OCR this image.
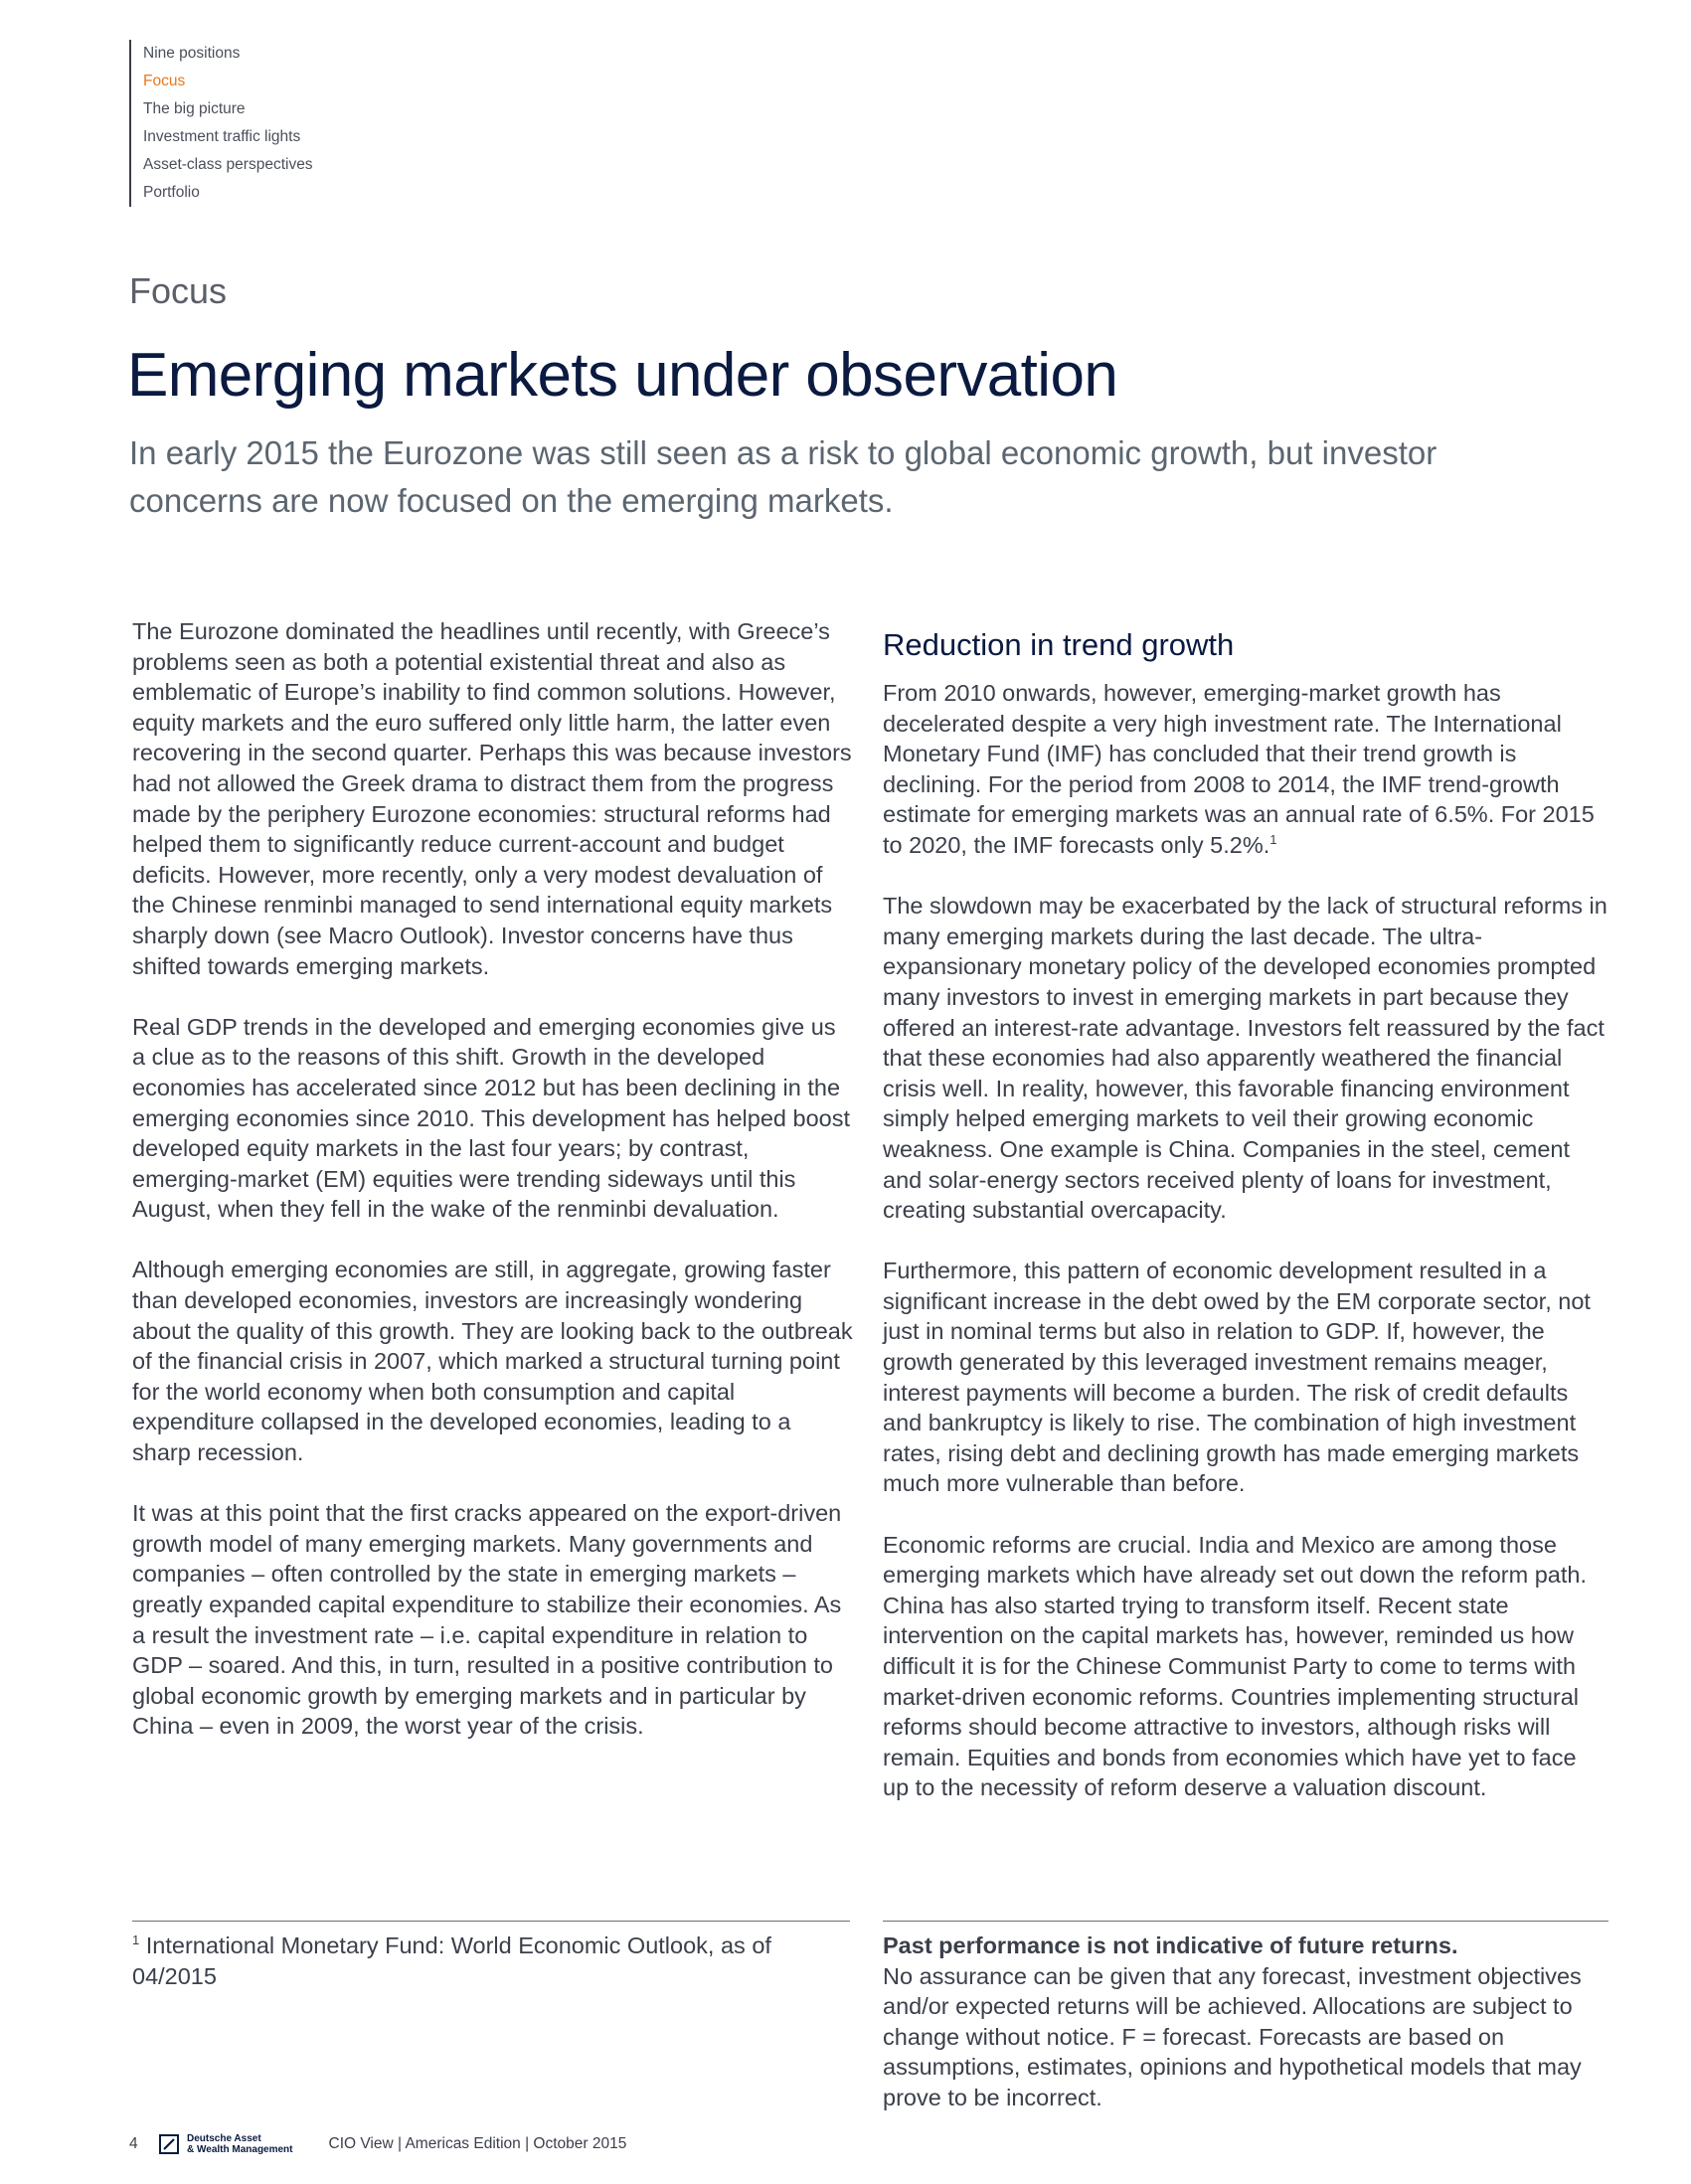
Nine positions
Focus
The big picture
Investment traffic lights
Asset-class perspectives
Portfolio
Focus
Emerging markets under observation

In early 2015 the Eurozone was still seen as a risk to global economic growth, but investor concerns are now focused on the emerging markets.

The Eurozone dominated the headlines until recently, with Greece’s problems seen as both a potential existential threat and also as emblematic of Europe’s inability to find common solutions. However, equity markets and the euro suffered only little harm, the latter even recovering in the second quarter. Perhaps this was because investors had not allowed the Greek drama to distract them from the progress made by the periphery Eurozone economies: structural reforms had helped them to significantly reduce current-account and budget deficits. However, more recently, only a very modest devaluation of the Chinese renminbi managed to send international equity markets sharply down (see Macro Outlook). Investor concerns have thus shifted towards emerging markets.

Real GDP trends in the developed and emerging economies give us a clue as to the reasons of this shift. Growth in the developed economies has accelerated since 2012 but has been declining in the emerging economies since 2010. This development has helped boost developed equity markets in the last four years; by contrast, emerging-market (EM) equities were trending sideways until this August, when they fell in the wake of the renminbi devaluation.

Although emerging economies are still, in aggregate, growing faster than developed economies, investors are increasingly wondering about the quality of this growth. They are looking back to the outbreak of the financial crisis in 2007, which marked a structural turning point for the world economy when both consumption and capital expenditure collapsed in the developed economies, leading to a sharp recession.

It was at this point that the first cracks appeared on the export-driven growth model of many emerging markets. Many governments and companies – often controlled by the state in emerging markets – greatly expanded capital expenditure to stabilize their economies. As a result the investment rate – i.e. capital expenditure in relation to GDP – soared. And this, in turn, resulted in a positive contribution to global economic growth by emerging markets and in particular by China – even in 2009, the worst year of the crisis.

Reduction in trend growth

From 2010 onwards, however, emerging-market growth has decelerated despite a very high investment rate. The International Monetary Fund (IMF) has concluded that their trend growth is declining. For the period from 2008 to 2014, the IMF trend-growth estimate for emerging markets was an annual rate of 6.5%. For 2015 to 2020, the IMF forecasts only 5.2%.$^1$

The slowdown may be exacerbated by the lack of structural reforms in many emerging markets during the last decade. The ultra-expansionary monetary policy of the developed economies prompted many investors to invest in emerging markets in part because they offered an interest-rate advantage. Investors felt reassured by the fact that these economies had also apparently weathered the financial crisis well. In reality, however, this favorable financing environment simply helped emerging markets to veil their growing economic weakness. One example is China. Companies in the steel, cement and solar-energy sectors received plenty of loans for investment, creating substantial overcapacity.

Furthermore, this pattern of economic development resulted in a significant increase in the debt owed by the EM corporate sector, not just in nominal terms but also in relation to GDP. If, however, the growth generated by this leveraged investment remains meager, interest payments will become a burden. The risk of credit defaults and bankruptcy is likely to rise. The combination of high investment rates, rising debt and declining growth has made emerging markets much more vulnerable than before.

Economic reforms are crucial. India and Mexico are among those emerging markets which have already set out down the reform path. China has also started trying to transform itself. Recent state intervention on the capital markets has, however, reminded us how difficult it is for the Chinese Communist Party to come to terms with market-driven economic reforms. Countries implementing structural reforms should become attractive to investors, although risks will remain. Equities and bonds from economies which have yet to face up to the necessity of reform deserve a valuation discount.

$^1$ International Monetary Fund: World Economic Outlook, as of 04/2015
Past performance is not indicative of future returns.
No assurance can be given that any forecast, investment objectives and/or expected returns will be achieved. Allocations are subject to change without notice. F = forecast. Forecasts are based on assumptions, estimates, opinions and hypothetical models that may prove to be incorrect.
4	Deutsche Asset
& Wealth Management CIO View | Americas Edition | October 2015
